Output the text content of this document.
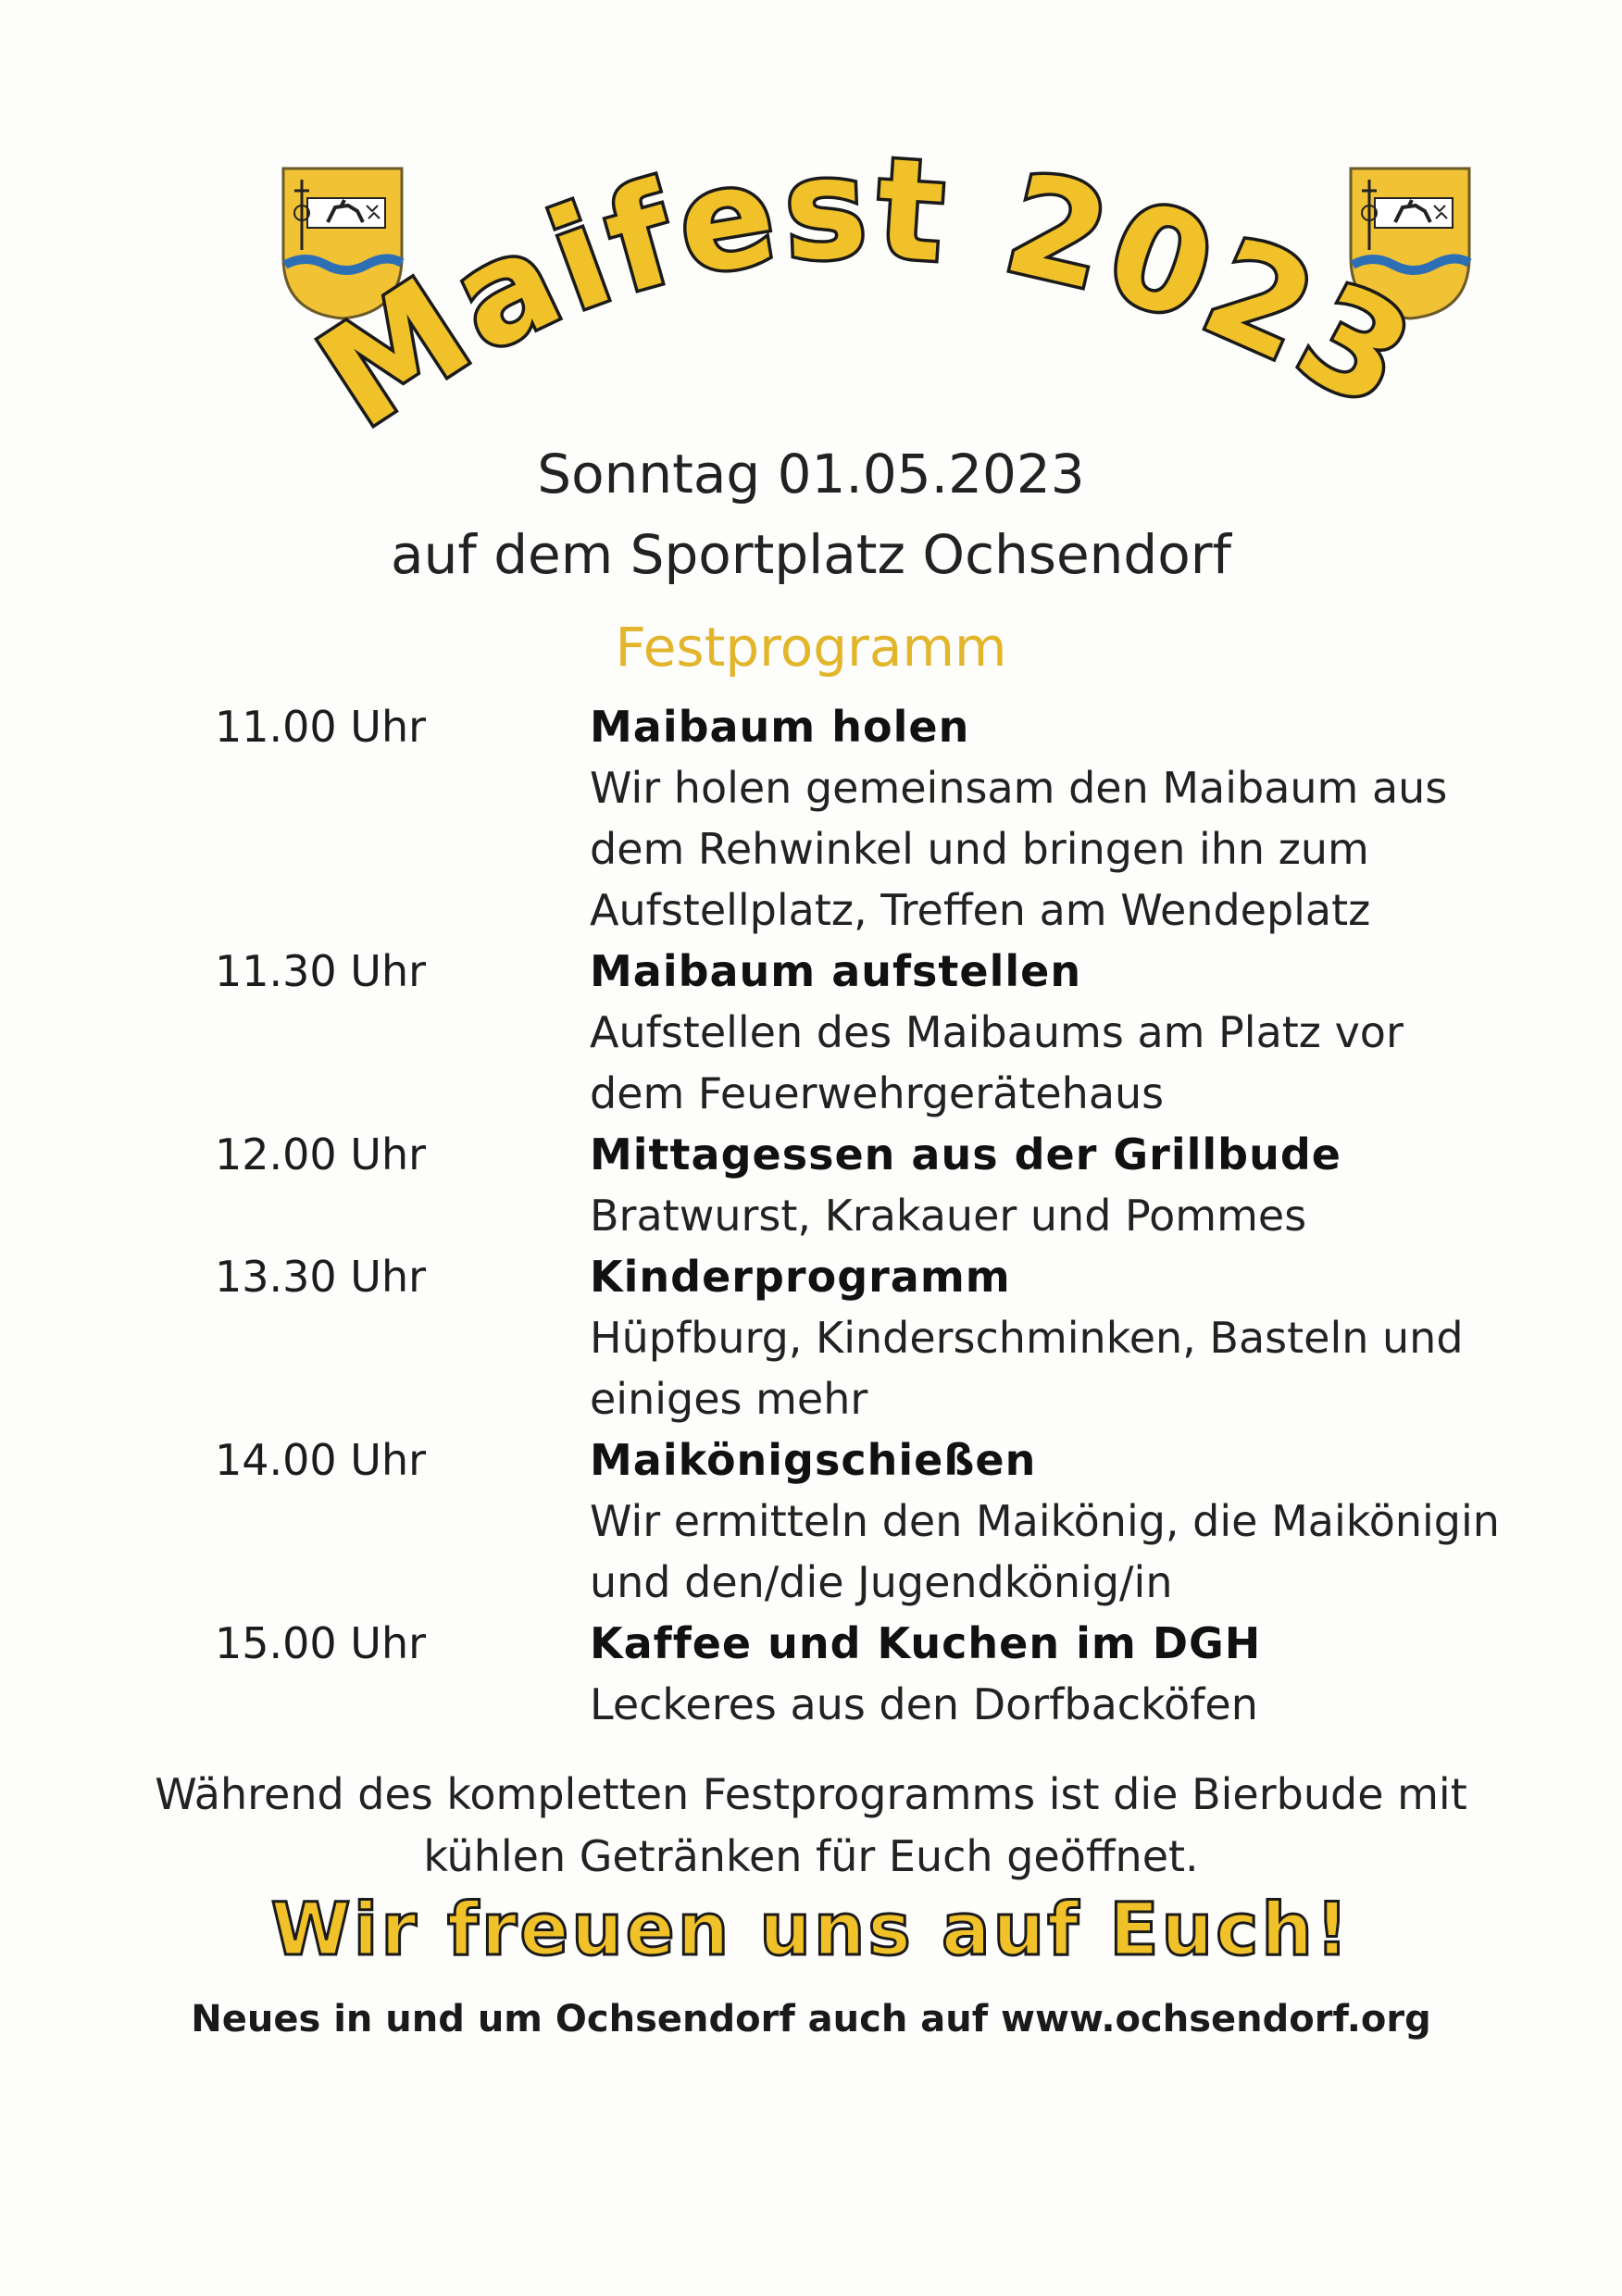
Maifest 2023
Sonntag 01.05.2023
auf dem Sportplatz Ochsendorf
Festprogramm
11.00 Uhr	Maibaum holen
Wir holen gemeinsam den Maibaum aus
dem Rehwinkel und bringen ihn zum
Aufstellplatz, Treffen am Wendeplatz
11.30 Uhr	Maibaum aufstellen
Aufstellen des Maibaums am Platz vor
dem Feuerwehrgerätehaus
12.00 Uhr	Mittagessen aus der Grillbude
Bratwurst, Krakauer und Pommes
13.30 Uhr	Kinderprogramm
Hüpfburg, Kinderschminken, Basteln und
einiges mehr
14.00 Uhr	Maikönigschießen
Wir ermitteln den Maikönig, die Maikönigin
und den/die Jugendkönig/in
15.00 Uhr	Kaffee und Kuchen im DGH
Leckeres aus den Dorfbacköfen
Während des kompletten Festprogramms ist die Bierbude mit
kühlen Getränken für Euch geöffnet.
Wir freuen uns auf Euch!
Neues in und um Ochsendorf auch auf www.ochsendorf.org
